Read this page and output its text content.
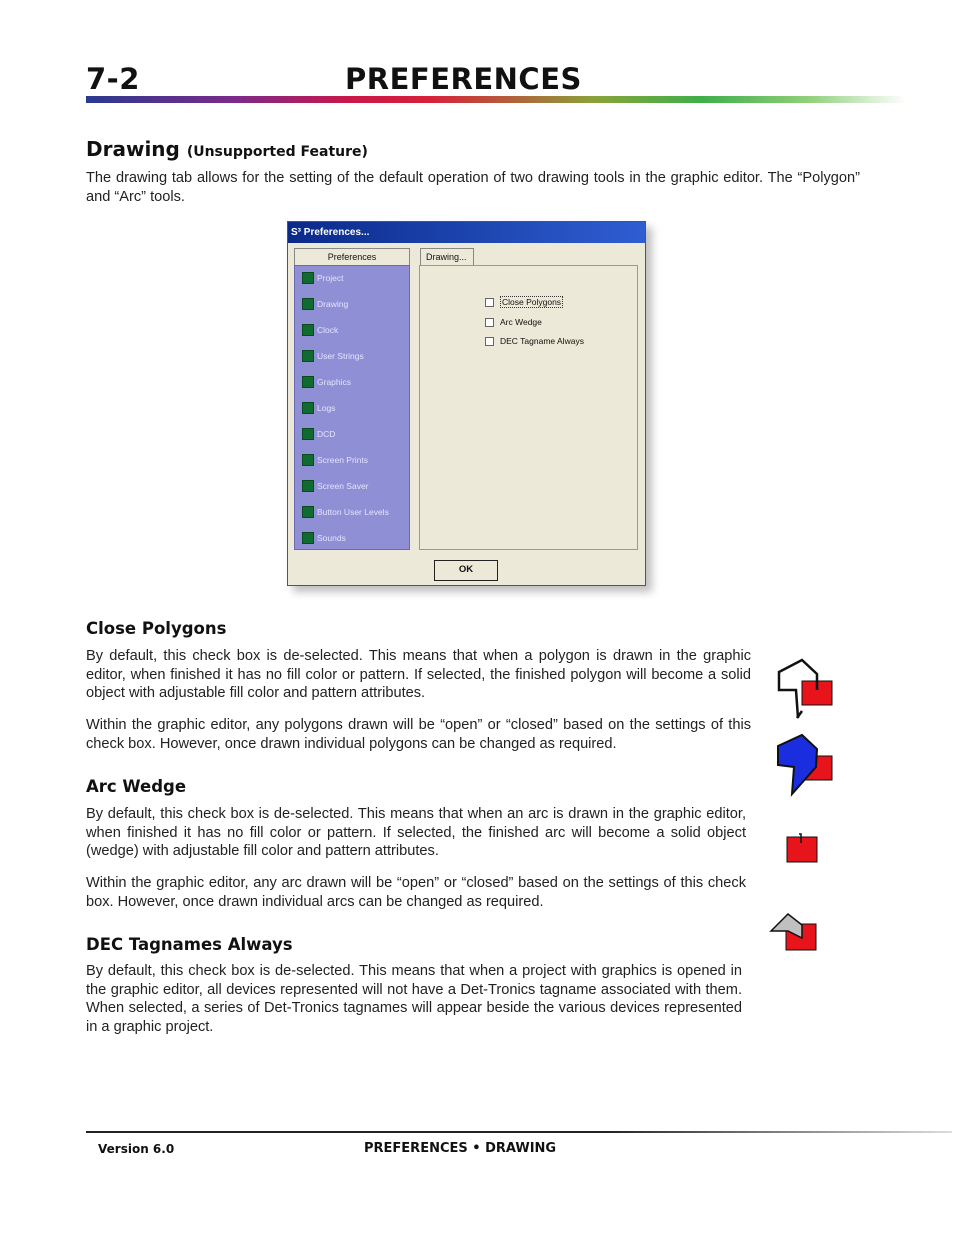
7-2	PREFERENCES
Drawing (Unsupported Feature)

The drawing tab allows for the setting of the default operation of two drawing tools in the graphic editor. The “Polygon” and “Arc” tools.

S³ Preferences...
Preferences
Project
Drawing
Clock
User Strings
Graphics
Logs
DCD
Screen Prints
Screen Saver
Button User Levels
Sounds
Drawing...
Close Polygons
Arc Wedge
DEC Tagname Always
OK
Close Polygons

By default, this check box is de-selected. This means that when a polygon is drawn in the graphic editor, when finished it has no fill color or pattern. If selected, the finished polygon will become a solid object with adjustable fill color and pattern attributes.

Within the graphic editor, any polygons drawn will be “open” or “closed” based on the settings of this check box. However, once drawn individual polygons can be changed as required.

Arc Wedge

By default, this check box is de-selected. This means that when an arc is drawn in the graphic editor, when finished it has no fill color or pattern. If selected, the finished arc will become a solid object (wedge) with adjustable fill color and pattern attributes.

Within the graphic editor, any arc drawn will be “open” or “closed” based on the settings of this check box. However, once drawn individual arcs can be changed as required.

DEC Tagnames Always

By default, this check box is de-selected. This means that when a project with graphics is opened in the graphic editor, all devices represented will not have a Det-Tronics tagname associated with them. When selected, a series of Det-Tronics tagnames will appear beside the various devices represented in a graphic project.

Version 6.0	PREFERENCES • DRAWING
